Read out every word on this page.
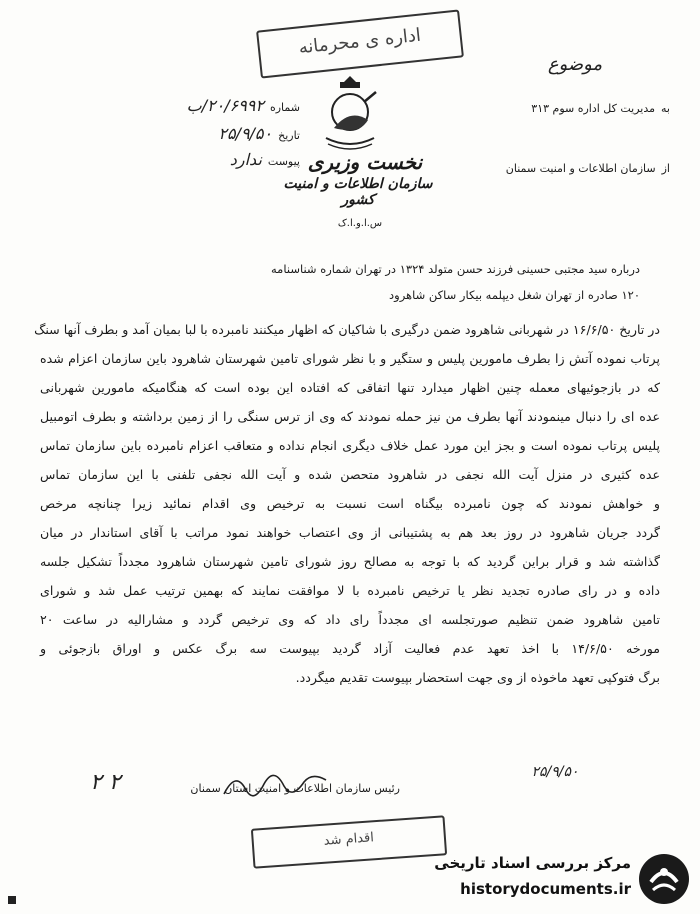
اداره ی محرمانه
موضوع
نخست وزیری
سازمان اطلاعات و امنیت کشور
س.ا.و.ا.ک
شماره
۲۰/۶۹۹۲/ب
تاریخ
۲۵/۹/۵۰
پیوست
ندارد
به
مدیریت کل اداره سوم ۳۱۳
از
سازمان اطلاعات و امنیت سمنان
درباره سید مجتبی حسینی فرزند حسن متولد ۱۳۲۴ در تهران شماره شناسنامه
۱۲۰ صادره از تهران شغل دیپلمه بیکار ساکن شاهرود
در تاریخ ۱۶/۶/۵۰ در شهربانی شاهرود ضمن درگیری با شاکیان که اظهار میکنند نامبرده با لبا بمیان آمد و بطرف آنها سنگ
پرتاب نموده آتش زا بطرف مامورین پلیس و ستگیر و با نظر شورای تامین شهرستان شاهرود باین سازمان اعزام شده
که در بازجوئیهای معمله چنین اظهار میدارد تنها اتفاقی که افتاده این بوده است که هنگامیکه مامورین شهربانی
عده ای را دنبال مینمودند آنها بطرف من نیز حمله نمودند که وی از ترس سنگی را از زمین برداشته و بطرف اتومبیل
پلیس پرتاب نموده است و بجز این مورد عمل خلاف دیگری انجام نداده و متعاقب اعزام نامبرده باین سازمان تماس
عده کثیری در منزل آیت الله نجفی در شاهرود متحصن شده و آیت الله نجفی تلفنی با این سازمان تماس
و خواهش نمودند که چون نامبرده بیگناه است نسبت به ترخیص وی اقدام نمائید زیرا چنانچه مرخص
گردد جریان شاهرود در روز بعد هم به پشتیبانی از وی اعتصاب خواهند نمود مراتب با آقای استاندار در میان
گذاشته شد و قرار براین گردید که با توجه به مصالح روز شورای تامین شهرستان شاهرود مجدداً تشکیل جلسه
داده و در رای صادره تجدید نظر یا ترخیص نامبرده با لا موافقت نمایند که بهمین ترتیب عمل شد و شورای
تامین شاهرود ضمن تنظیم صورتجلسه ای مجدداً رای داد که وی ترخیص گردد و مشارالیه در ساعت ۲۰
مورخه ۱۴/۶/۵۰ با اخذ تعهد عدم فعالیت آزاد گردید بپیوست سه برگ عکس و اوراق بازجوئی و
برگ فتوکپی تعهد ماخوذه از وی جهت استحضار بپیوست تقدیم میگردد.
رئیس سازمان اطلاعات و امنیت استان سمنان
۲۵/۹/۵۰
۲ ۲
اقدام شد
مرکز بررسی اسناد تاریخی
historydocuments.ir
